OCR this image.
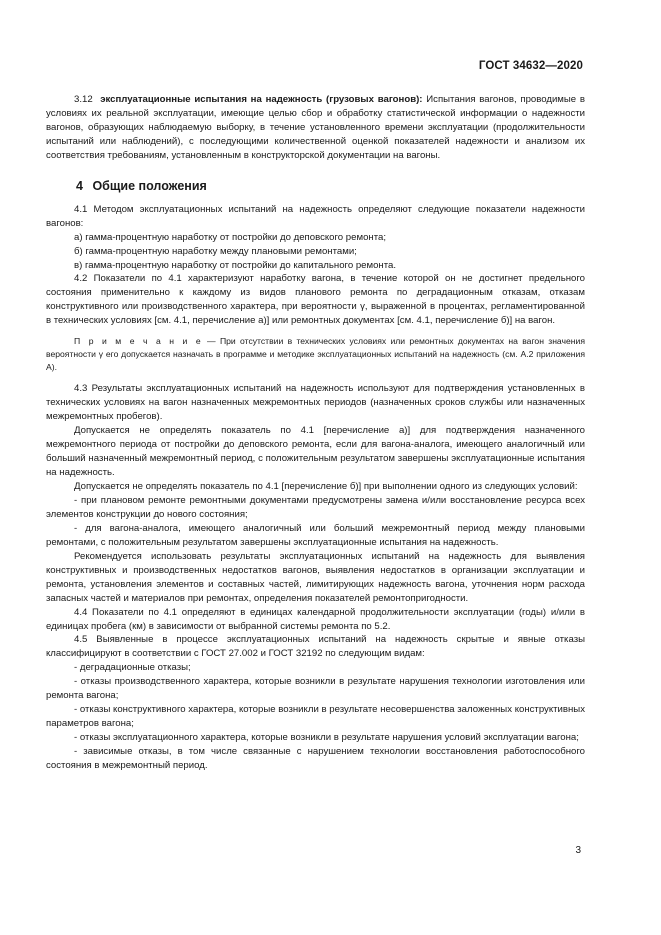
ГОСТ 34632—2020

3.12 эксплуатационные испытания на надежность (грузовых вагонов): Испытания вагонов, проводимые в условиях их реальной эксплуатации, имеющие целью сбор и обработку статистической информации о надежности вагонов, образующих наблюдаемую выборку, в течение установленного времени эксплуатации (продолжительности испытаний или наблюдений), с последующими количественной оценкой показателей надежности и анализом их соответствия требованиям, установленным в конструкторской документации на вагоны.

4 Общие положения

4.1 Методом эксплуатационных испытаний на надежность определяют следующие показатели надежности вагонов:

а) гамма-процентную наработку от постройки до деповского ремонта;

б) гамма-процентную наработку между плановыми ремонтами;

в) гамма-процентную наработку от постройки до капитального ремонта.

4.2 Показатели по 4.1 характеризуют наработку вагона, в течение которой он не достигнет предельного состояния применительно к каждому из видов планового ремонта по деградационным отказам, отказам конструктивного или производственного характера, при вероятности γ, выраженной в процентах, регламентированной в технических условиях [см. 4.1, перечисление а)] или ремонтных документах [см. 4.1, перечисление б)] на вагон.

П р и м е ч а н и е — При отсутствии в технических условиях или ремонтных документах на вагон значения вероятности γ его допускается назначать в программе и методике эксплуатационных испытаний на надежность (см. А.2 приложения А).

4.3 Результаты эксплуатационных испытаний на надежность используют для подтверждения установленных в технических условиях на вагон назначенных межремонтных периодов (назначенных сроков службы или назначенных межремонтных пробегов).

Допускается не определять показатель по 4.1 [перечисление а)] для подтверждения назначенного межремонтного периода от постройки до деповского ремонта, если для вагона-аналога, имеющего аналогичный или больший назначенный межремонтный период, с положительным результатом завершены эксплуатационные испытания на надежность.

Допускается не определять показатель по 4.1 [перечисление б)] при выполнении одного из следующих условий:

- при плановом ремонте ремонтными документами предусмотрены замена и/или восстановление ресурса всех элементов конструкции до нового состояния;

- для вагона-аналога, имеющего аналогичный или больший межремонтный период между плановыми ремонтами, с положительным результатом завершены эксплуатационные испытания на надежность.

Рекомендуется использовать результаты эксплуатационных испытаний на надежность для выявления конструктивных и производственных недостатков вагонов, выявления недостатков в организации эксплуатации и ремонта, установления элементов и составных частей, лимитирующих надежность вагона, уточнения норм расхода запасных частей и материалов при ремонтах, определения показателей ремонтопригодности.

4.4 Показатели по 4.1 определяют в единицах календарной продолжительности эксплуатации (годы) и/или в единицах пробега (км) в зависимости от выбранной системы ремонта по 5.2.

4.5 Выявленные в процессе эксплуатационных испытаний на надежность скрытые и явные отказы классифицируют в соответствии с ГОСТ 27.002 и ГОСТ 32192 по следующим видам:

- деградационные отказы;

- отказы производственного характера, которые возникли в результате нарушения технологии изготовления или ремонта вагона;

- отказы конструктивного характера, которые возникли в результате несовершенства заложенных конструктивных параметров вагона;

- отказы эксплуатационного характера, которые возникли в результате нарушения условий эксплуатации вагона;

- зависимые отказы, в том числе связанные с нарушением технологии восстановления работоспособного состояния в межремонтный период.

3
